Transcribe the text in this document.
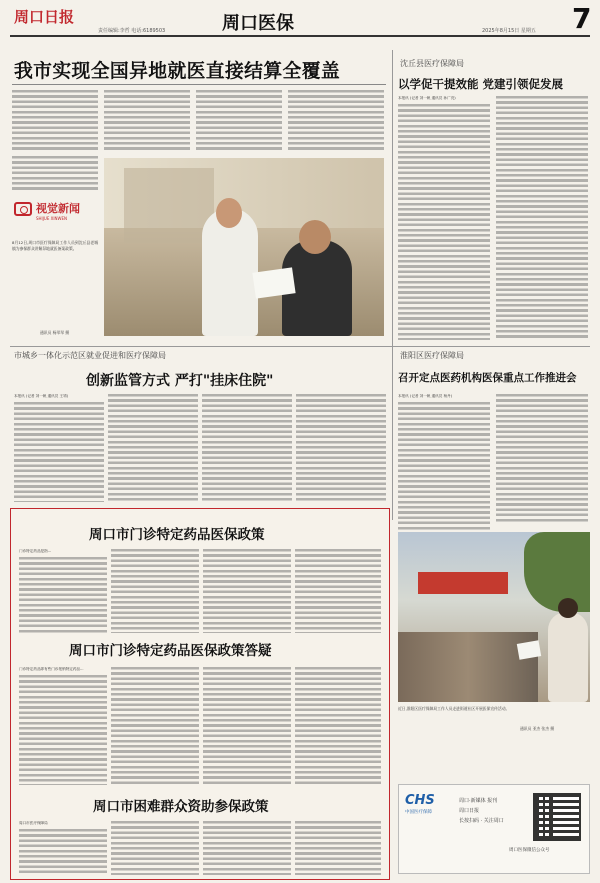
周口日报
责任编辑:李哲 电话:6189503	周口医保	2025年8月15日 星期五 7
我市实现全国异地就医直接结算全覆盖
视觉新闻
SHIJUE XINWEN
8月12日,周口市医疗保障局工作人员到沈丘县老城镇为参保群众讲解异地就医备案政策。
通讯员 杨翠翠 摄
沈丘县医疗保障局
以学促干提效能 党建引领促发展
本报讯 (记者 刘一帆 通讯员 孙广亮)
市城乡一体化示范区就业促进和医疗保障局
创新监管方式 严打"挂床住院"
本报讯 (记者 刘一帆 通讯员 王靖)
淮阳区医疗保障局
召开定点医药机构医保重点工作推进会
本报讯 (记者 刘一帆 通讯员 杨丹)
周口市门诊特定药品医保政策
门诊特定药品是指...
周口市门诊特定药品医保政策答疑
门诊特定药品即有些门诊报销特定药品...
周口市困难群众资助参保政策
周口市医疗保障局
近日,淮阳区医疗保障局工作人员走进街道社区开展医保宣传活动。
通讯员 亚杰 张杰 摄
CHS
中国医疗保障
周口·新媒体 报刊
周口日报
长按扫码 · 关注周口
周口医保微信公众号
